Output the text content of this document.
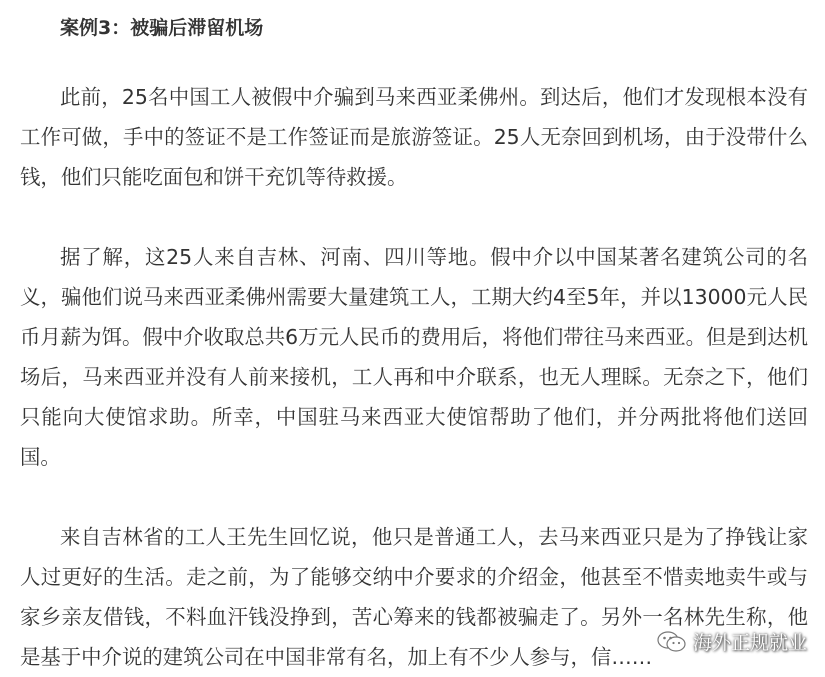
案例3：被骗后滞留机场

此前，25名中国工人被假中介骗到马来西亚柔佛州。到达后，他们才发现根本没有工作可做，手中的签证不是工作签证而是旅游签证。25人无奈回到机场，由于没带什么钱，他们只能吃面包和饼干充饥等待救援。

据了解，这25人来自吉林、河南、四川等地。假中介以中国某著名建筑公司的名义，骗他们说马来西亚柔佛州需要大量建筑工人，工期大约4至5年，并以13000元人民币月薪为饵。假中介收取总共6万元人民币的费用后，将他们带往马来西亚。但是到达机场后，马来西亚并没有人前来接机，工人再和中介联系，也无人理睬。无奈之下，他们只能向大使馆求助。所幸，中国驻马来西亚大使馆帮助了他们，并分两批将他们送回国。

来自吉林省的工人王先生回忆说，他只是普通工人，去马来西亚只是为了挣钱让家人过更好的生活。走之前，为了能够交纳中介要求的介绍金，他甚至不惜卖地卖牛或与家乡亲友借钱，不料血汗钱没挣到，苦心筹来的钱都被骗走了。另外一名林先生称，他是基于中介说的建筑公司在中国非常有名，加上有不少人参与，信……

海外正规就业
